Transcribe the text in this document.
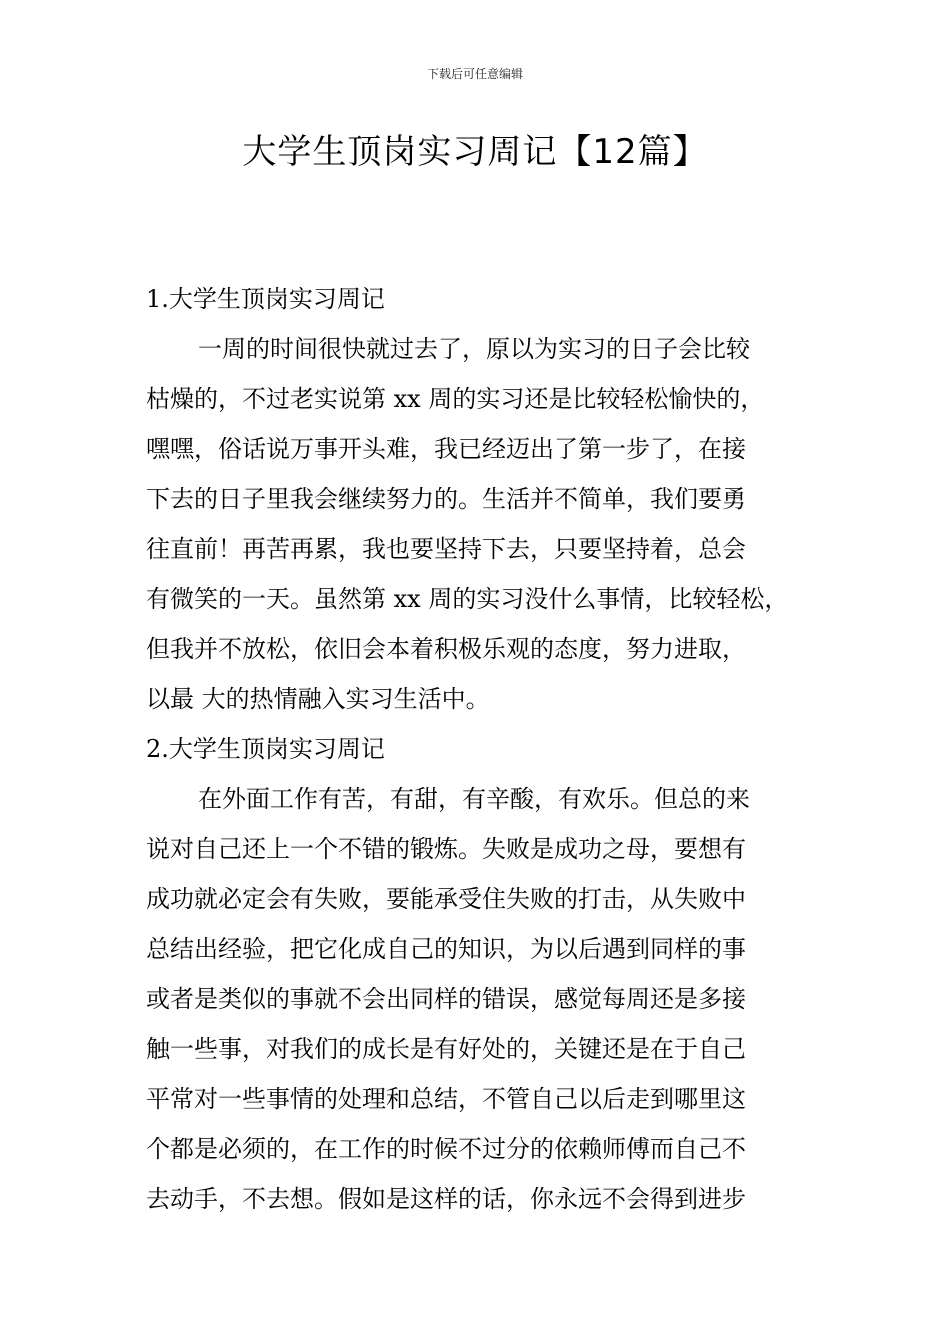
下载后可任意编辑
大学生顶岗实习周记【12篇】
1.大学生顶岗实习周记

一周的时间很快就过去了，原以为实习的日子会比较
枯燥的，不过老实说第 xx 周的实习还是比较轻松愉快的，
嘿嘿，俗话说万事开头难，我已经迈出了第一步了，在接
下去的日子里我会继续努力的。生活并不简单，我们要勇
往直前！再苦再累，我也要坚持下去，只要坚持着，总会
有微笑的一天。虽然第 xx 周的实习没什么事情，比较轻松，
但我并不放松，依旧会本着积极乐观的态度，努力进取，
以最 大的热情融入实习生活中。

2.大学生顶岗实习周记

在外面工作有苦，有甜，有辛酸，有欢乐。但总的来
说对自己还上一个不错的锻炼。失败是成功之母，要想有
成功就必定会有失败，要能承受住失败的打击，从失败中
总结出经验，把它化成自己的知识，为以后遇到同样的事
或者是类似的事就不会出同样的错误，感觉每周还是多接
触一些事，对我们的成长是有好处的，关键还是在于自己
平常对一些事情的处理和总结，不管自己以后走到哪里这
个都是必须的，在工作的时候不过分的依赖师傅而自己不
去动手，不去想。假如是这样的话，你永远不会得到进步
